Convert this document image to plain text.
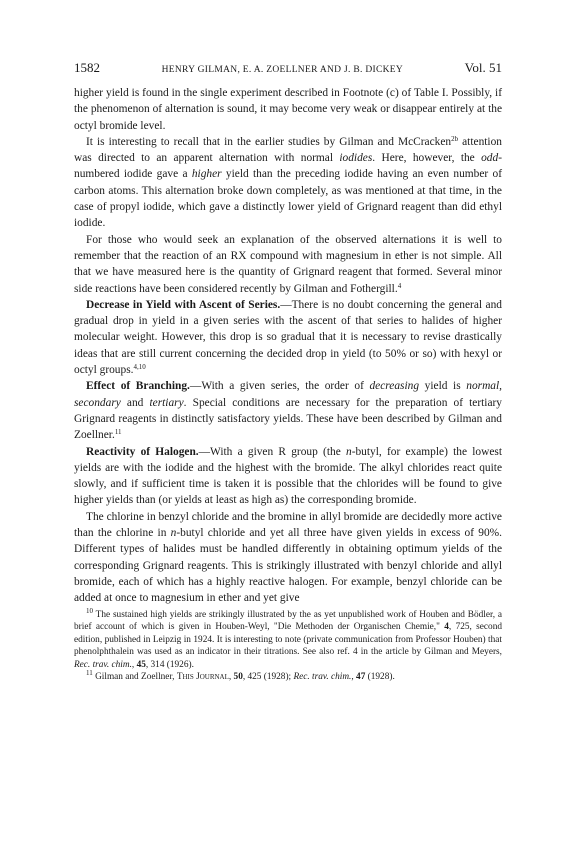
1582	HENRY GILMAN, E. A. ZOELLNER AND J. B. DICKEY	Vol. 51

higher yield is found in the single experiment described in Footnote (c) of Table I. Possibly, if the phenomenon of alternation is sound, it may become very weak or disappear entirely at the octyl bromide level.

It is interesting to recall that in the earlier studies by Gilman and McCracken$^{2b}$ attention was directed to an apparent alternation with normal iodides. Here, however, the odd-numbered iodide gave a higher yield than the preceding iodide having an even number of carbon atoms. This alternation broke down completely, as was mentioned at that time, in the case of propyl iodide, which gave a distinctly lower yield of Grignard reagent than did ethyl iodide.

For those who would seek an explanation of the observed alternations it is well to remember that the reaction of an RX compound with magnesium in ether is not simple. All that we have measured here is the quantity of Grignard reagent that formed. Several minor side reactions have been considered recently by Gilman and Fothergill.$^4$

Decrease in Yield with Ascent of Series.—There is no doubt concerning the general and gradual drop in yield in a given series with the ascent of that series to halides of higher molecular weight. However, this drop is so gradual that it is necessary to revise drastically ideas that are still current concerning the decided drop in yield (to 50% or so) with hexyl or octyl groups.$^{4,10}$

Effect of Branching.—With a given series, the order of decreasing yield is normal, secondary and tertiary. Special conditions are necessary for the preparation of tertiary Grignard reagents in distinctly satisfactory yields. These have been described by Gilman and Zoellner.$^{11}$

Reactivity of Halogen.—With a given R group (the n-butyl, for example) the lowest yields are with the iodide and the highest with the bromide. The alkyl chlorides react quite slowly, and if sufficient time is taken it is possible that the chlorides will be found to give higher yields than (or yields at least as high as) the corresponding bromide.

The chlorine in benzyl chloride and the bromine in allyl bromide are decidedly more active than the chlorine in n-butyl chloride and yet all three have given yields in excess of 90%. Different types of halides must be handled differently in obtaining optimum yields of the corresponding Grignard reagents. This is strikingly illustrated with benzyl chloride and allyl bromide, each of which has a highly reactive halogen. For example, benzyl chloride can be added at once to magnesium in ether and yet give

$^{10}$ The sustained high yields are strikingly illustrated by the as yet unpublished work of Houben and Bödler, a brief account of which is given in Houben-Weyl, "Die Methoden der Organischen Chemie," 4, 725, second edition, published in Leipzig in 1924. It is interesting to note (private communication from Professor Houben) that phenolphthalein was used as an indicator in their titrations. See also ref. 4 in the article by Gilman and Meyers, Rec. trav. chim., 45, 314 (1926).

$^{11}$ Gilman and Zoellner, This Journal, 50, 425 (1928); Rec. trav. chim., 47 (1928).
